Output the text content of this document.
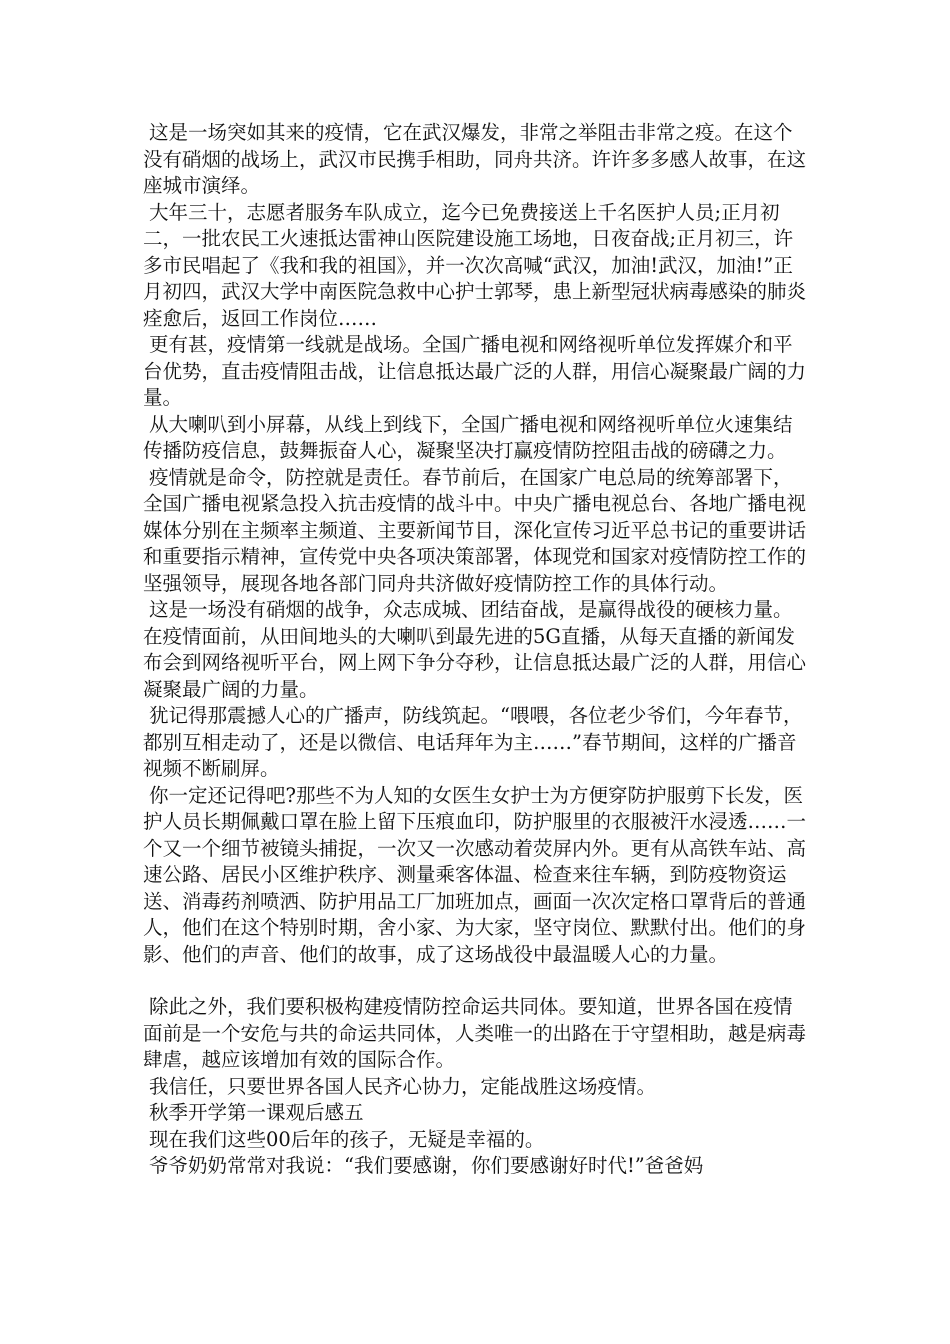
这是一场突如其来的疫情，它在武汉爆发，非常之举阻击非常之疫。在这个没有硝烟的战场上，武汉市民携手相助，同舟共济。许许多多感人故事，在这座城市演绎。

大年三十，志愿者服务车队成立，迄今已免费接送上千名医护人员;正月初二，一批农民工火速抵达雷神山医院建设施工场地，日夜奋战;正月初三，许多市民唱起了《我和我的祖国》，并一次次高喊“武汉，加油!武汉，加油!”正月初四，武汉大学中南医院急救中心护士郭琴，患上新型冠状病毒感染的肺炎痊愈后，返回工作岗位……

更有甚，疫情第一线就是战场。全国广播电视和网络视听单位发挥媒介和平台优势，直击疫情阻击战，让信息抵达最广泛的人群，用信心凝聚最广阔的力量。

从大喇叭到小屏幕，从线上到线下，全国广播电视和网络视听单位火速集结传播防疫信息，鼓舞振奋人心，凝聚坚决打赢疫情防控阻击战的磅礴之力。

疫情就是命令，防控就是责任。春节前后，在国家广电总局的统筹部署下，全国广播电视紧急投入抗击疫情的战斗中。中央广播电视总台、各地广播电视媒体分别在主频率主频道、主要新闻节目，深化宣传习近平总书记的重要讲话和重要指示精神，宣传党中央各项决策部署，体现党和国家对疫情防控工作的坚强领导，展现各地各部门同舟共济做好疫情防控工作的具体行动。

这是一场没有硝烟的战争，众志成城、团结奋战，是赢得战役的硬核力量。在疫情面前，从田间地头的大喇叭到最先进的5G直播，从每天直播的新闻发布会到网络视听平台，网上网下争分夺秒，让信息抵达最广泛的人群，用信心凝聚最广阔的力量。

犹记得那震撼人心的广播声，防线筑起。“喂喂，各位老少爷们，今年春节，都别互相走动了，还是以微信、电话拜年为主……”春节期间，这样的广播音视频不断刷屏。

你一定还记得吧?那些不为人知的女医生女护士为方便穿防护服剪下长发，医护人员长期佩戴口罩在脸上留下压痕血印，防护服里的衣服被汗水浸透……一个又一个细节被镜头捕捉，一次又一次感动着荧屏内外。更有从高铁车站、高速公路、居民小区维护秩序、测量乘客体温、检查来往车辆，到防疫物资运送、消毒药剂喷洒、防护用品工厂加班加点，画面一次次定格口罩背后的普通人，他们在这个特别时期，舍小家、为大家，坚守岗位、默默付出。他们的身影、他们的声音、他们的故事，成了这场战役中最温暖人心的力量。

除此之外，我们要积极构建疫情防控命运共同体。要知道，世界各国在疫情面前是一个安危与共的命运共同体，人类唯一的出路在于守望相助，越是病毒肆虐，越应该增加有效的国际合作。

我信任，只要世界各国人民齐心协力，定能战胜这场疫情。

秋季开学第一课观后感五

现在我们这些00后年的孩子，无疑是幸福的。

爷爷奶奶常常对我说：“我们要感谢，你们要感谢好时代!”爸爸妈
